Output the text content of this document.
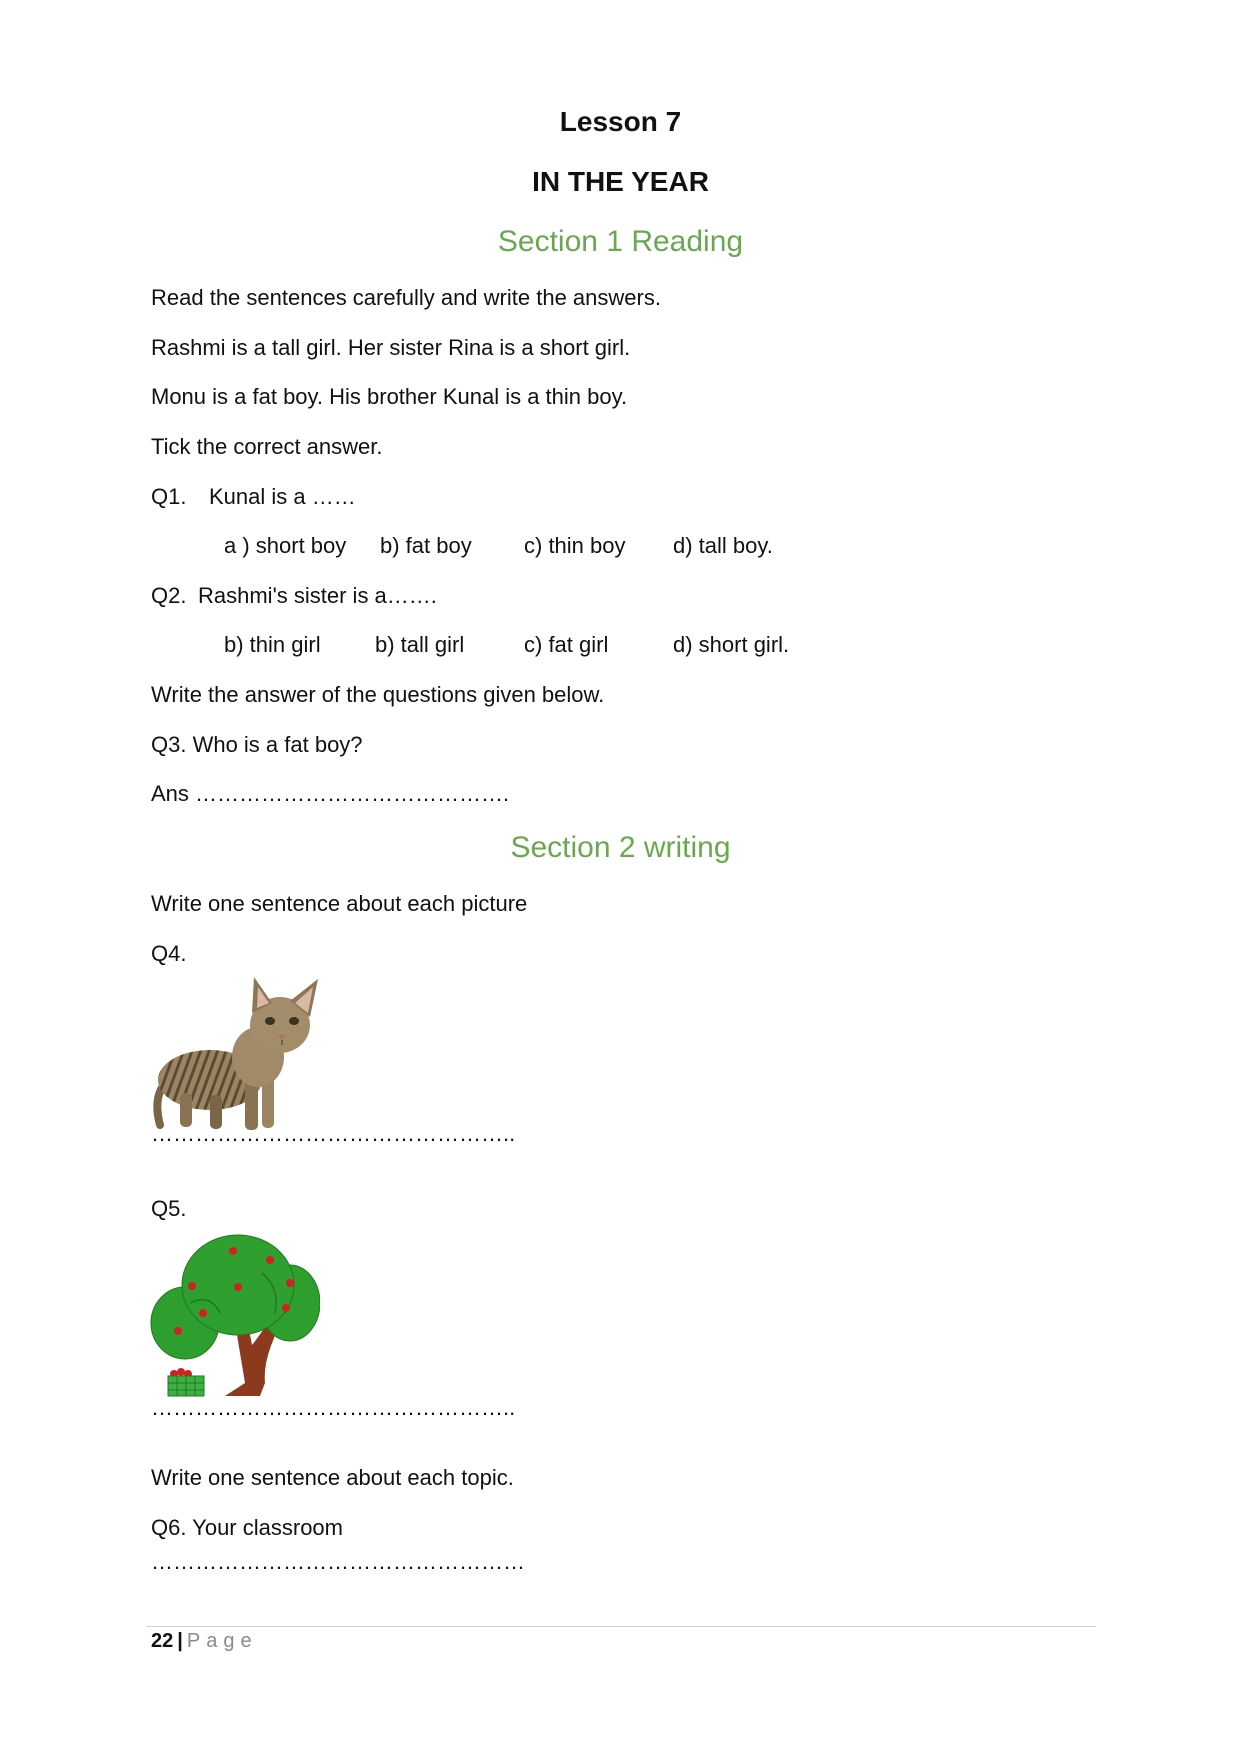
Lesson 7
IN THE YEAR
Section 1 Reading
Read the sentences carefully and write the answers.
Rashmi is a tall girl. Her sister Rina is a short girl.
Monu is a fat boy. His brother Kunal is a thin boy.
Tick the correct answer.
Q1. Kunal is a ……
a ) short boy b) fat boy c) thin boy d) tall boy.
Q2. Rashmi's sister is a…….
b) thin girl b) tall girl	c) fat girl	d) short girl.
Write the answer of the questions given below.
Q3. Who is a fat boy?
Ans …………………………………….
Section 2 writing
Write one sentence about each picture
Q4.
…………………………………………..
Q5.
…………………………………………..
Write one sentence about each topic.
Q6. Your classroom
……………………………………………
22 | Page
